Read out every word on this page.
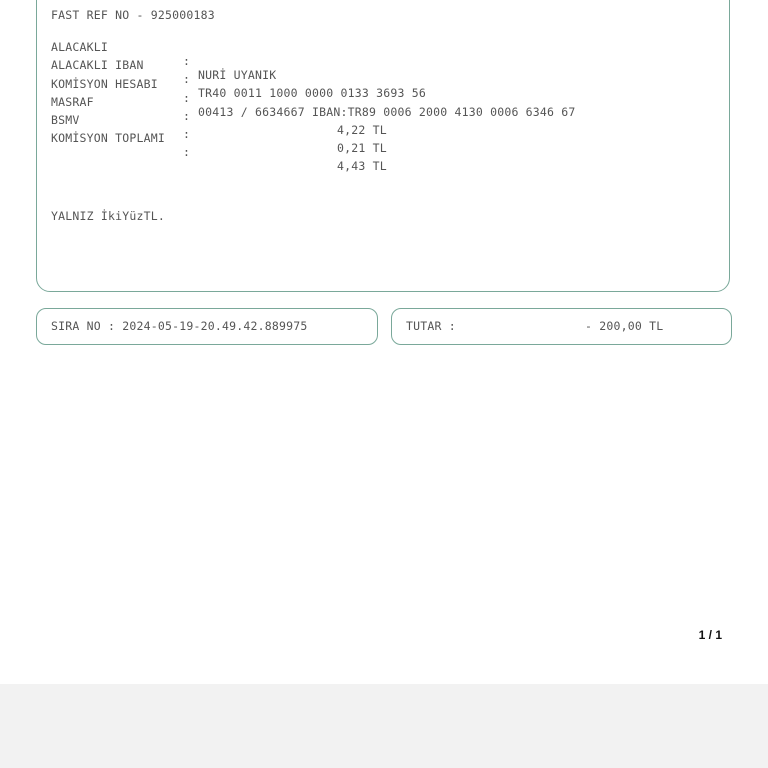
FAST REF NO - 925000183

ALACAKLI

:

NURİ UYANIK

ALACAKLI IBAN

:

TR40 0011 1000 0000 0133 3693 56

KOMİSYON HESABI

:

00413 / 6634667 IBAN:TR89 0006 2000 4130 0006 6346 67

MASRAF

:

4,22 TL

BSMV

:

0,21 TL

KOMİSYON TOPLAMI

:

4,43 TL

YALNIZ İkiYüzTL.

SIRA NO : 2024-05-19-20.49.42.889975

	TUTAR :

	- 200,00 TL

1 / 1
